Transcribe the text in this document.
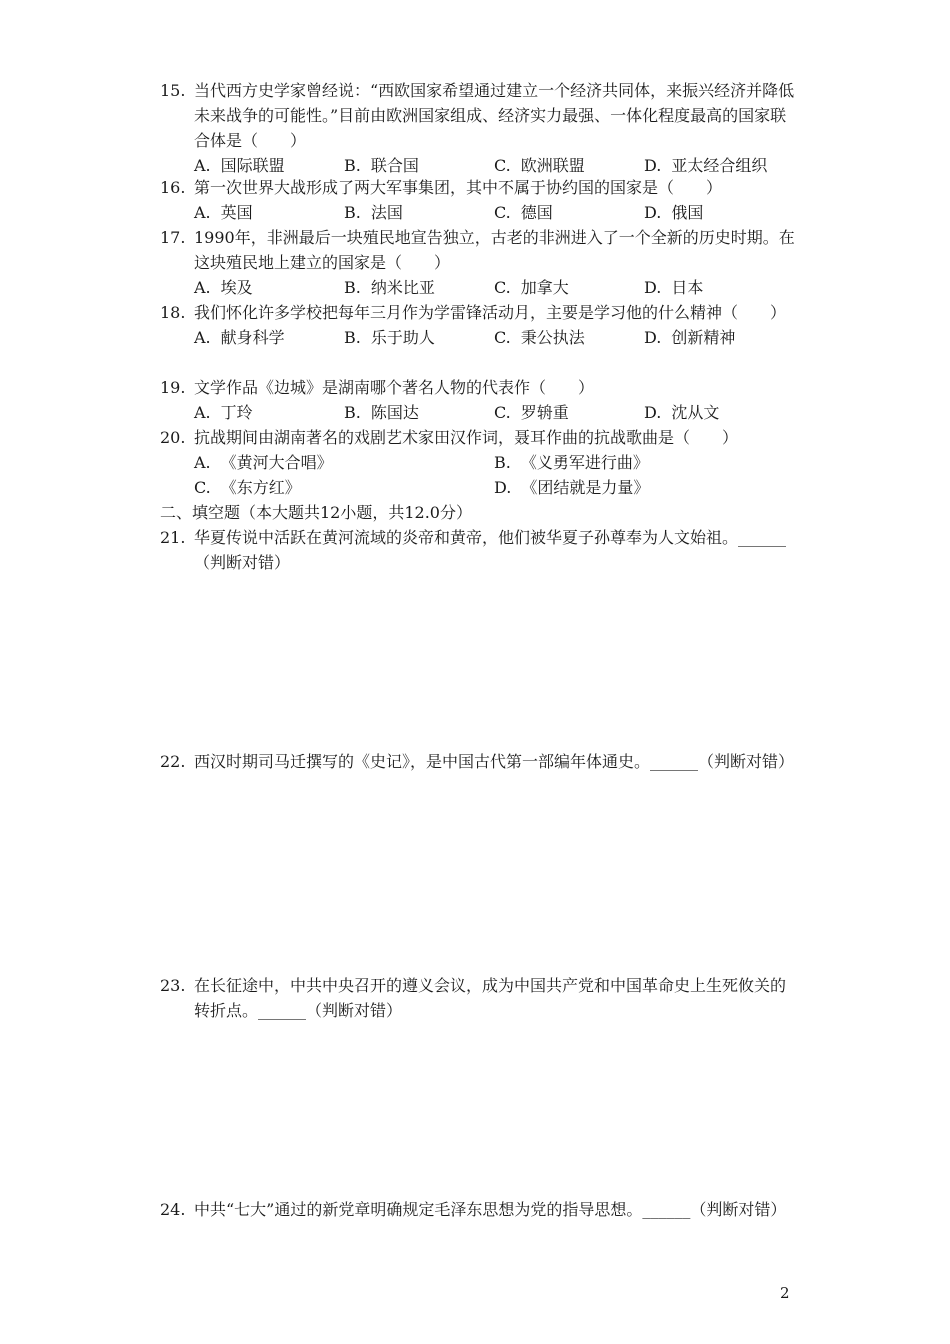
15. 当代西方史学家曾经说：“西欧国家希望通过建立一个经济共同体，来振兴经济并降低未来战争的可能性。”目前由欧洲国家组成、经济实力最强、一体化程度最高的国家联合体是（　　）
A. 国际联盟	B. 联合国	C. 欧洲联盟	D. 亚太经合组织
16. 第一次世界大战形成了两大军事集团，其中不属于协约国的国家是（　　）
A. 英国	B. 法国	C. 德国	D. 俄国
17. 1990年，非洲最后一块殖民地宣告独立，古老的非洲进入了一个全新的历史时期。在这块殖民地上建立的国家是（　　）
A. 埃及	B. 纳米比亚	C. 加拿大	D. 日本
18. 我们怀化许多学校把每年三月作为学雷锋活动月，主要是学习他的什么精神（　　）
A. 献身科学	B. 乐于助人	C. 秉公执法	D. 创新精神
19. 文学作品《边城》是湖南哪个著名人物的代表作（　　）
A. 丁玲	B. 陈国达	C. 罗辀重	D. 沈从文
20. 抗战期间由湖南著名的戏剧艺术家田汉作词，聂耳作曲的抗战歌曲是（　　）
A. 《黄河大合唱》	B. 《义勇军进行曲》
C. 《东方红》	D. 《团结就是力量》
二、填空题（本大题共12小题，共12.0分）
21. 华夏传说中活跃在黄河流域的炎帝和黄帝，他们被华夏子孙尊奉为人文始祖。______（判断对错）
22. 西汉时期司马迁撰写的《史记》，是中国古代第一部编年体通史。______（判断对错）
23. 在长征途中，中共中央召开的遵义会议，成为中国共产党和中国革命史上生死攸关的转折点。______（判断对错）
24. 中共“七大”通过的新党章明确规定毛泽东思想为党的指导思想。______（判断对错）
2
